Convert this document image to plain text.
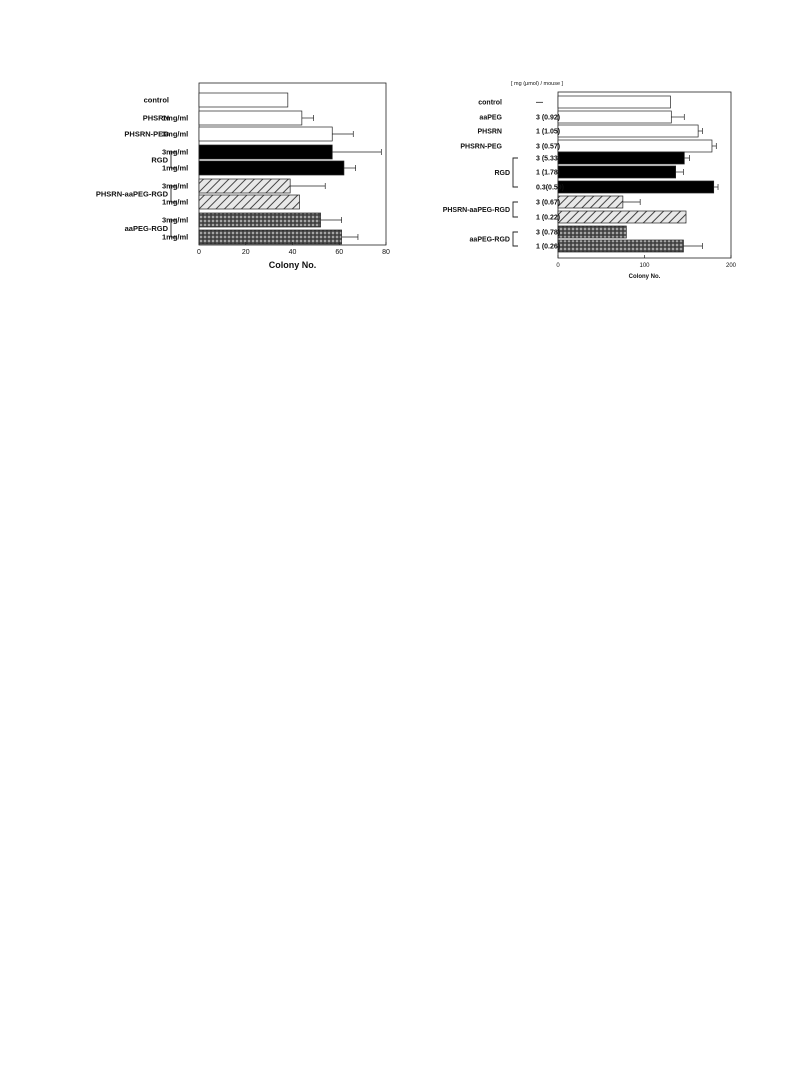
1mg/ml
3mg/ml
3mg/ml
1mg/ml
3mg/ml
1mg/ml
3mg/ml
1mg/ml
control
PHSRN
PHSRN-PEG
RGD
PHSRN-aaPEG-RGD
aaPEG-RGD
0	20	40	60	80
Colony No.
[ mg (μmol) / mouse ]
—
3 (0.92)
1 (1.05)
3 (0.57)
3 (5.33)
1 (1.78)
0.3(0.59)
3 (0.67)
1 (0.22)
3 (0.78)
1 (0.26)
control
aaPEG
PHSRN
PHSRN-PEG
RGD
PHSRN-aaPEG-RGD
aaPEG-RGD
0	100	200
Colony No.
